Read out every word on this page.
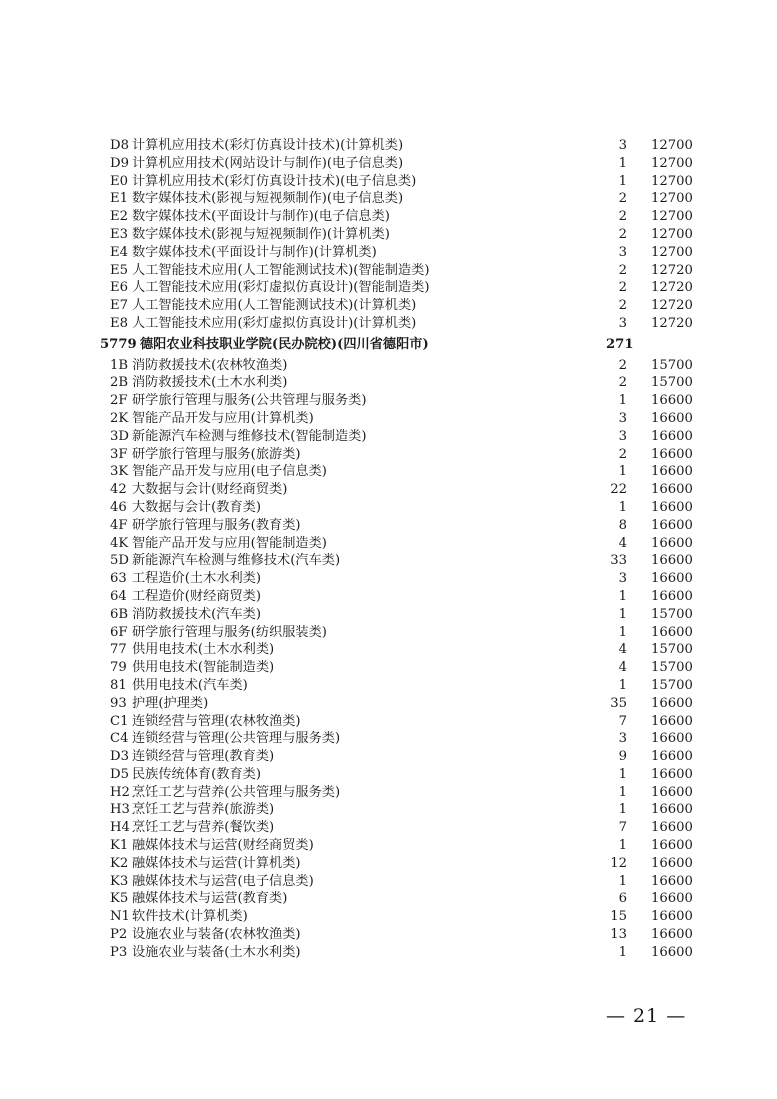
D8 计算机应用技术(彩灯仿真设计技术)(计算机类)	3 12700
D9 计算机应用技术(网站设计与制作)(电子信息类)	1 12700
E0 计算机应用技术(彩灯仿真设计技术)(电子信息类)	1 12700
E1 数字媒体技术(影视与短视频制作)(电子信息类)	2 12700
E2 数字媒体技术(平面设计与制作)(电子信息类)	2 12700
E3 数字媒体技术(影视与短视频制作)(计算机类)	2 12700
E4 数字媒体技术(平面设计与制作)(计算机类)	3 12700
E5 人工智能技术应用(人工智能测试技术)(智能制造类)	2 12720
E6 人工智能技术应用(彩灯虚拟仿真设计)(智能制造类)	2 12720
E7 人工智能技术应用(人工智能测试技术)(计算机类)	2 12720
E8 人工智能技术应用(彩灯虚拟仿真设计)(计算机类)	3 12720
5779 德阳农业科技职业学院(民办院校)(四川省德阳市)	271
1B 消防救援技术(农林牧渔类)	2 15700
2B 消防救援技术(土木水利类)	2 15700
2F 研学旅行管理与服务(公共管理与服务类)	1 16600
2K 智能产品开发与应用(计算机类)	3 16600
3D 新能源汽车检测与维修技术(智能制造类)	3 16600
3F 研学旅行管理与服务(旅游类)	2 16600
3K 智能产品开发与应用(电子信息类)	1 16600
42 大数据与会计(财经商贸类)	22 16600
46 大数据与会计(教育类)	1 16600
4F 研学旅行管理与服务(教育类)	8 16600
4K 智能产品开发与应用(智能制造类)	4 16600
5D 新能源汽车检测与维修技术(汽车类)	33 16600
63 工程造价(土木水利类)	3 16600
64 工程造价(财经商贸类)	1 16600
6B 消防救援技术(汽车类)	1 15700
6F 研学旅行管理与服务(纺织服装类)	1 16600
77 供用电技术(土木水利类)	4 15700
79 供用电技术(智能制造类)	4 15700
81 供用电技术(汽车类)	1 15700
93 护理(护理类)	35 16600
C1 连锁经营与管理(农林牧渔类)	7 16600
C4 连锁经营与管理(公共管理与服务类)	3 16600
D3 连锁经营与管理(教育类)	9 16600
D5 民族传统体育(教育类)	1 16600
H2 烹饪工艺与营养(公共管理与服务类)	1 16600
H3 烹饪工艺与营养(旅游类)	1 16600
H4 烹饪工艺与营养(餐饮类)	7 16600
K1 融媒体技术与运营(财经商贸类)	1 16600
K2 融媒体技术与运营(计算机类)	12 16600
K3 融媒体技术与运营(电子信息类)	1 16600
K5 融媒体技术与运营(教育类)	6 16600
N1 软件技术(计算机类)	15 16600
P2 设施农业与装备(农林牧渔类)	13 16600
P3 设施农业与装备(土木水利类)	1 16600
— 21 —
